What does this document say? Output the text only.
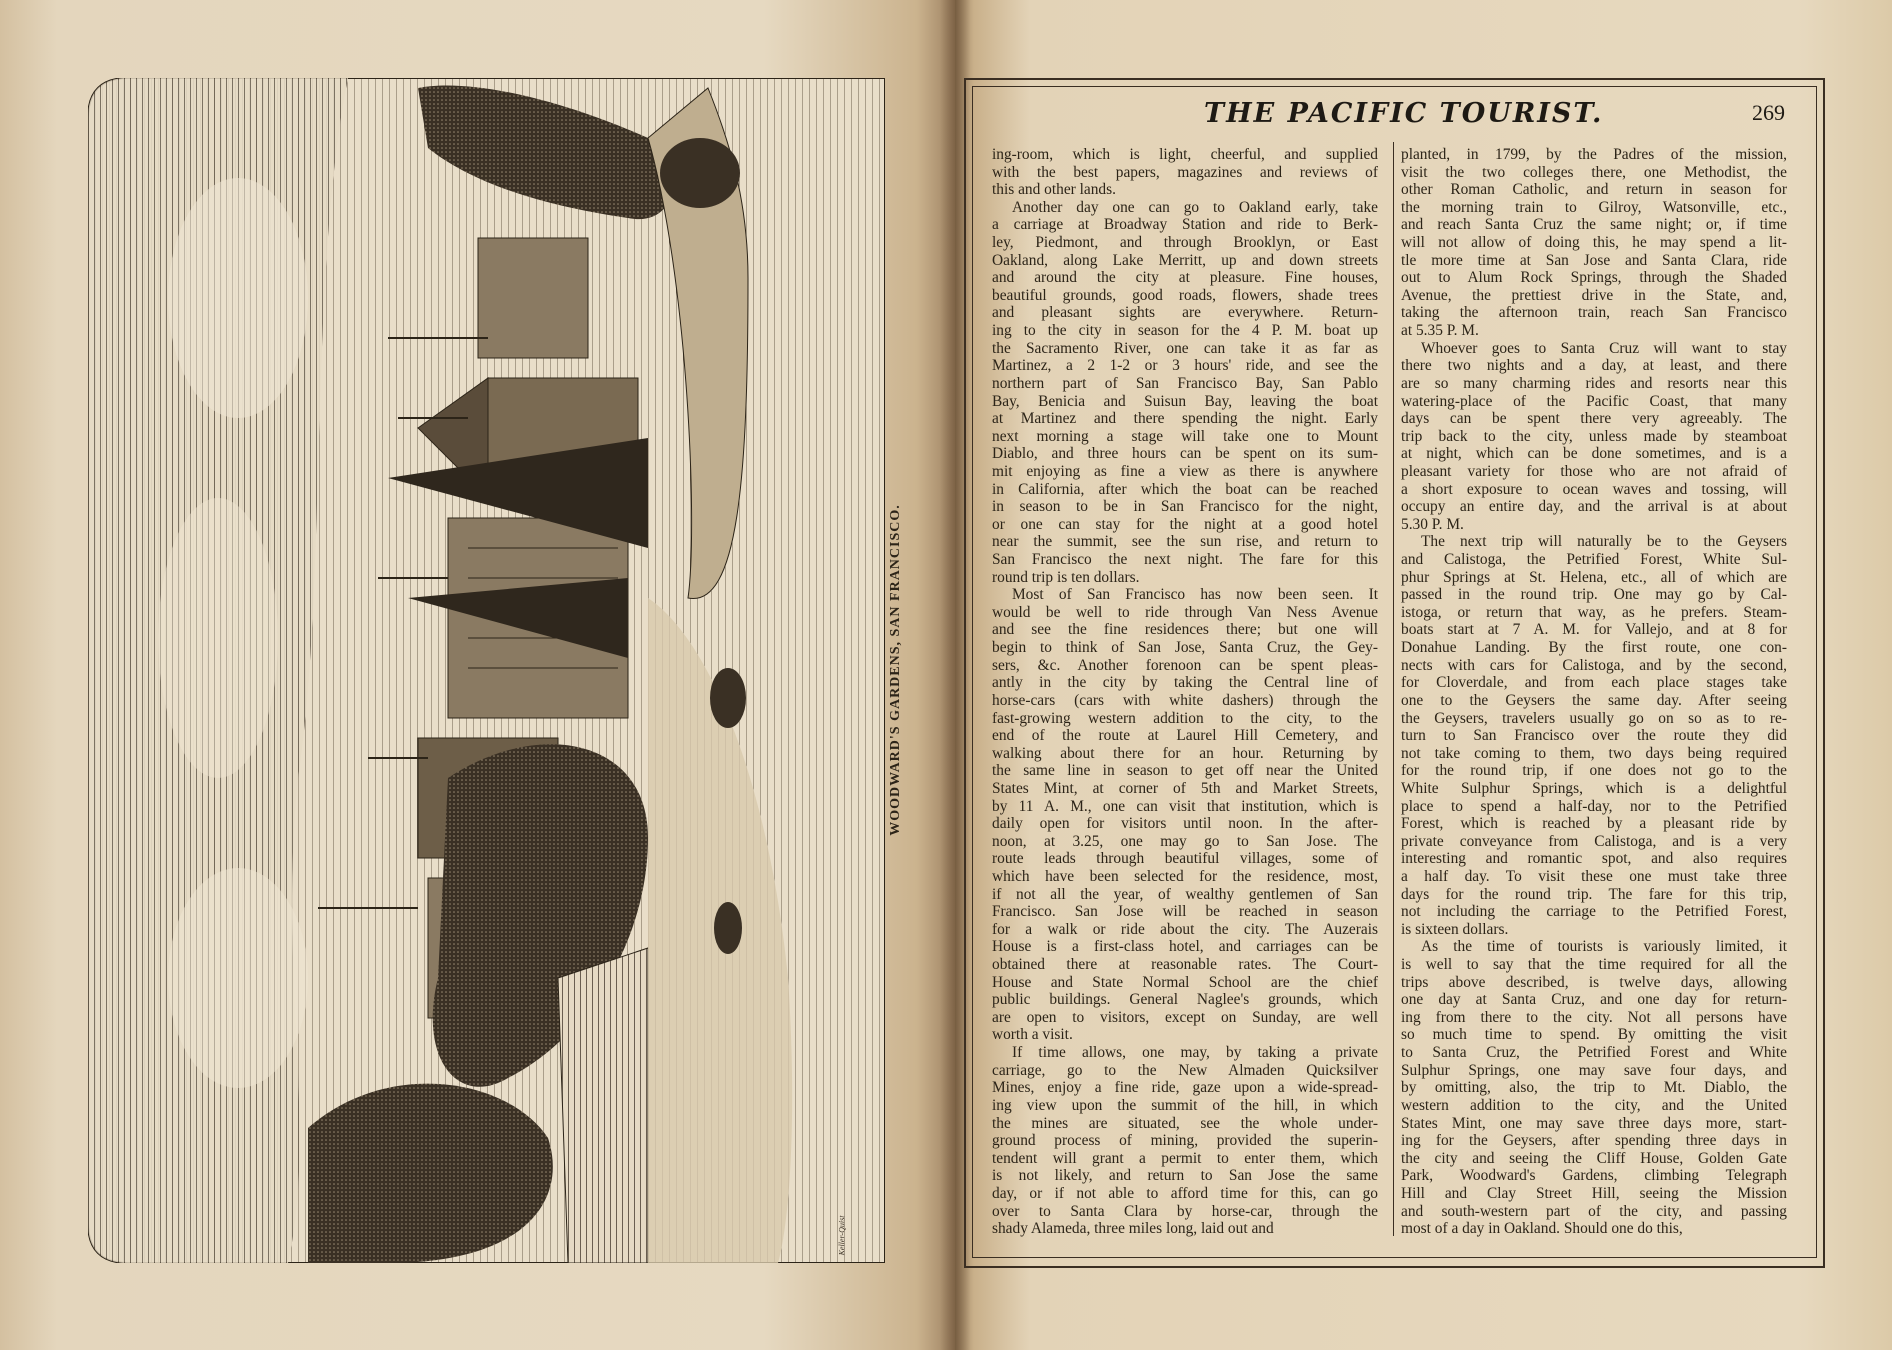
WOODWARD'S GARDENS, SAN FRANCISCO.
Keller-Quist
THE PACIFIC TOURIST.	269
ing-room, which is light, cheerful, and supplied
with the best papers, magazines and reviews of
this and other lands.
Another day one can go to Oakland early, take
a carriage at Broadway Station and ride to Berk-
ley, Piedmont, and through Brooklyn, or East
Oakland, along Lake Merritt, up and down streets
and around the city at pleasure. Fine houses,
beautiful grounds, good roads, flowers, shade trees
and pleasant sights are everywhere. Return-
ing to the city in season for the 4 P. M. boat up
the Sacramento River, one can take it as far as
Martinez, a 2 1-2 or 3 hours' ride, and see the
northern part of San Francisco Bay, San Pablo
Bay, Benicia and Suisun Bay, leaving the boat
at Martinez and there spending the night. Early
next morning a stage will take one to Mount
Diablo, and three hours can be spent on its sum-
mit enjoying as fine a view as there is anywhere
in California, after which the boat can be reached
in season to be in San Francisco for the night,
or one can stay for the night at a good hotel
near the summit, see the sun rise, and return to
San Francisco the next night. The fare for this
round trip is ten dollars.
Most of San Francisco has now been seen. It
would be well to ride through Van Ness Avenue
and see the fine residences there; but one will
begin to think of San Jose, Santa Cruz, the Gey-
sers, &c. Another forenoon can be spent pleas-
antly in the city by taking the Central line of
horse-cars (cars with white dashers) through the
fast-growing western addition to the city, to the
end of the route at Laurel Hill Cemetery, and
walking about there for an hour. Returning by
the same line in season to get off near the United
States Mint, at corner of 5th and Market Streets,
by 11 A. M., one can visit that institution, which is
daily open for visitors until noon. In the after-
noon, at 3.25, one may go to San Jose. The
route leads through beautiful villages, some of
which have been selected for the residence, most,
if not all the year, of wealthy gentlemen of San
Francisco. San Jose will be reached in season
for a walk or ride about the city. The Auzerais
House is a first-class hotel, and carriages can be
obtained there at reasonable rates. The Court-
House and State Normal School are the chief
public buildings. General Naglee's grounds, which
are open to visitors, except on Sunday, are well
worth a visit.
If time allows, one may, by taking a private
carriage, go to the New Almaden Quicksilver
Mines, enjoy a fine ride, gaze upon a wide-spread-
ing view upon the summit of the hill, in which
the mines are situated, see the whole under-
ground process of mining, provided the superin-
tendent will grant a permit to enter them, which
is not likely, and return to San Jose the same
day, or if not able to afford time for this, can go
over to Santa Clara by horse-car, through the
shady Alameda, three miles long, laid out and
planted, in 1799, by the Padres of the mission,
visit the two colleges there, one Methodist, the
other Roman Catholic, and return in season for
the morning train to Gilroy, Watsonville, etc.,
and reach Santa Cruz the same night; or, if time
will not allow of doing this, he may spend a lit-
tle more time at San Jose and Santa Clara, ride
out to Alum Rock Springs, through the Shaded
Avenue, the prettiest drive in the State, and,
taking the afternoon train, reach San Francisco
at 5.35 P. M.
Whoever goes to Santa Cruz will want to stay
there two nights and a day, at least, and there
are so many charming rides and resorts near this
watering-place of the Pacific Coast, that many
days can be spent there very agreeably. The
trip back to the city, unless made by steamboat
at night, which can be done sometimes, and is a
pleasant variety for those who are not afraid of
a short exposure to ocean waves and tossing, will
occupy an entire day, and the arrival is at about
5.30 P. M.
The next trip will naturally be to the Geysers
and Calistoga, the Petrified Forest, White Sul-
phur Springs at St. Helena, etc., all of which are
passed in the round trip. One may go by Cal-
istoga, or return that way, as he prefers. Steam-
boats start at 7 A. M. for Vallejo, and at 8 for
Donahue Landing. By the first route, one con-
nects with cars for Calistoga, and by the second,
for Cloverdale, and from each place stages take
one to the Geysers the same day. After seeing
the Geysers, travelers usually go on so as to re-
turn to San Francisco over the route they did
not take coming to them, two days being required
for the round trip, if one does not go to the
White Sulphur Springs, which is a delightful
place to spend a half-day, nor to the Petrified
Forest, which is reached by a pleasant ride by
private conveyance from Calistoga, and is a very
interesting and romantic spot, and also requires
a half day. To visit these one must take three
days for the round trip. The fare for this trip,
not including the carriage to the Petrified Forest,
is sixteen dollars.
As the time of tourists is variously limited, it
is well to say that the time required for all the
trips above described, is twelve days, allowing
one day at Santa Cruz, and one day for return-
ing from there to the city. Not all persons have
so much time to spend. By omitting the visit
to Santa Cruz, the Petrified Forest and White
Sulphur Springs, one may save four days, and
by omitting, also, the trip to Mt. Diablo, the
western addition to the city, and the United
States Mint, one may save three days more, start-
ing for the Geysers, after spending three days in
the city and seeing the Cliff House, Golden Gate
Park, Woodward's Gardens, climbing Telegraph
Hill and Clay Street Hill, seeing the Mission
and south-western part of the city, and passing
most of a day in Oakland. Should one do this,
